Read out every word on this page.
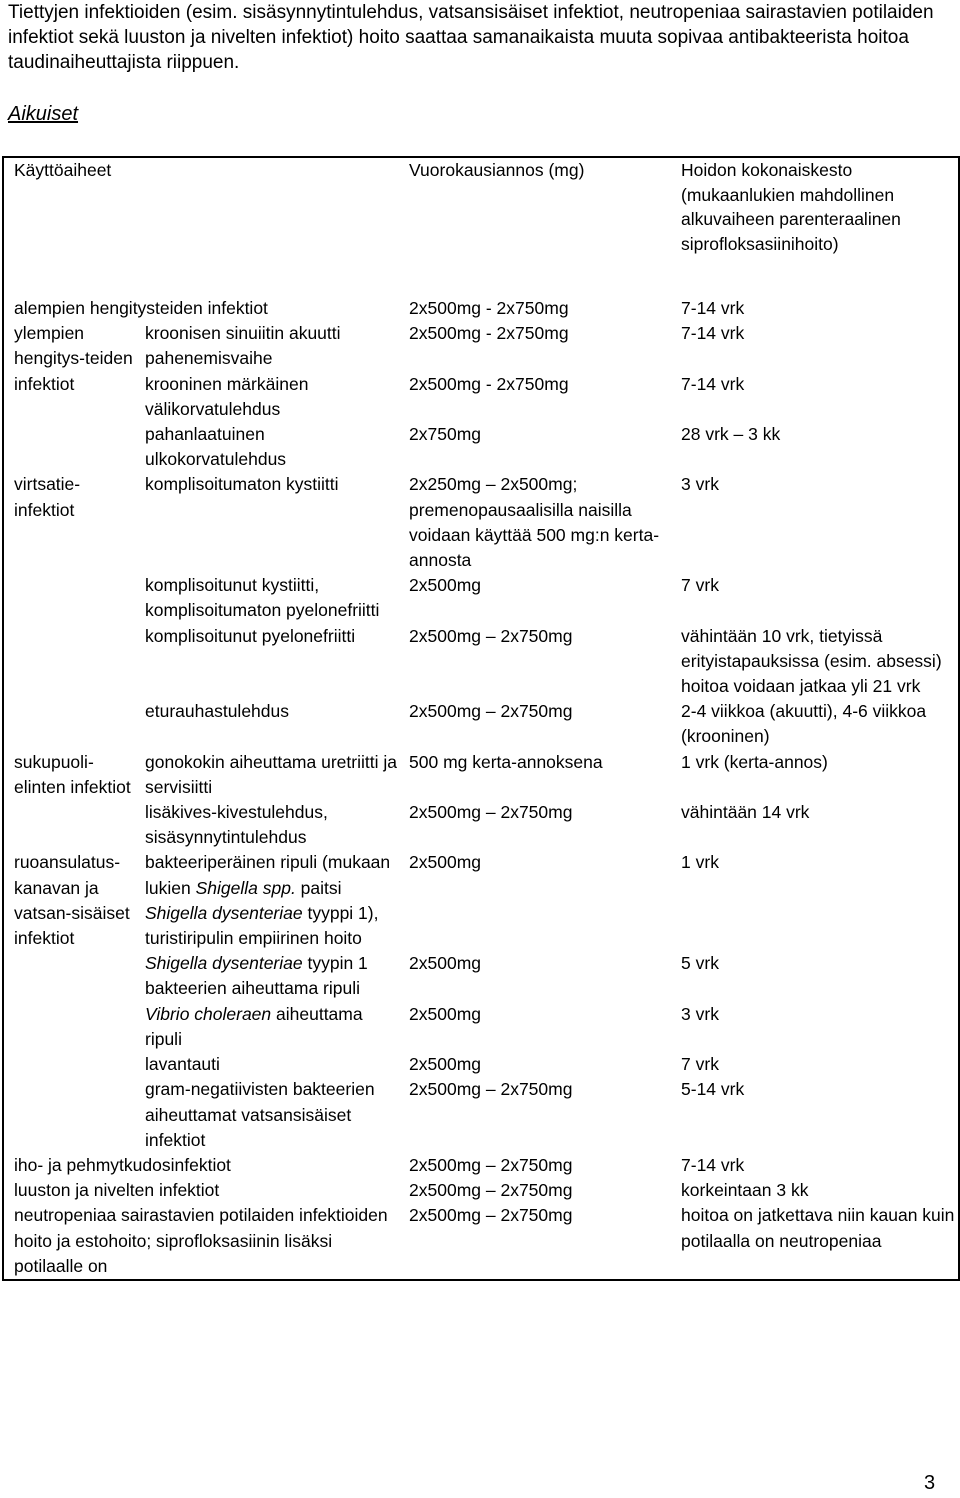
Tiettyjen infektioiden (esim. sisäsynnytintulehdus, vatsansisäiset infektiot, neutropeniaa sairastavien potilaiden infektiot sekä luuston ja nivelten infektiot) hoito saattaa samanaikaista muuta sopivaa antibakteerista hoitoa taudinaiheuttajista riippuen.

Aikuiset

Käyttöaiheet		Vuorokausiannos (mg)	Hoidon kokonaiskesto (mukaanlukien mahdollinen alkuvaiheen parenteraalinen siprofloksasiinihoito)
alempien hengitysteiden infektiot		2x500mg - 2x750mg	7-14 vrk
ylempien hengitys-teiden infektiot	kroonisen sinuiitin akuutti pahenemisvaihe	2x500mg - 2x750mg	7-14 vrk
	krooninen märkäinen välikorvatulehdus	2x500mg - 2x750mg	7-14 vrk
	pahanlaatuinen ulkokorvatulehdus	2x750mg	28 vrk – 3 kk
virtsatie-infektiot	komplisoitumaton kystiitti	2x250mg – 2x500mg; premenopausaalisilla naisilla voidaan käyttää 500 mg:n kerta-annosta	3 vrk
	komplisoitunut kystiitti, komplisoitumaton pyelonefriitti	2x500mg	7 vrk
	komplisoitunut pyelonefriitti	2x500mg – 2x750mg	vähintään 10 vrk, tietyissä erityistapauksissa (esim. absessi) hoitoa voidaan jatkaa yli 21 vrk
	eturauhastulehdus	2x500mg – 2x750mg	2-4 viikkoa (akuutti), 4-6 viikkoa (krooninen)
sukupuoli-elinten infektiot	gonokokin aiheuttama uretriitti ja servisiitti	500 mg kerta-annoksena	1 vrk (kerta-annos)
	lisäkives-kivestulehdus, sisäsynnytintulehdus	2x500mg – 2x750mg	vähintään 14 vrk
ruoansulatus-kanavan ja vatsan-sisäiset infektiot	bakteeriperäinen ripuli (mukaan lukien Shigella spp. paitsi Shigella dysenteriae tyyppi 1), turistiripulin empiirinen hoito	2x500mg	1 vrk
	Shigella dysenteriae tyypin 1 bakteerien aiheuttama ripuli	2x500mg	5 vrk
	Vibrio choleraen aiheuttama ripuli	2x500mg	3 vrk
	lavantauti	2x500mg	7 vrk
	gram-negatiivisten bakteerien aiheuttamat vatsansisäiset infektiot	2x500mg – 2x750mg	5-14 vrk
iho- ja pehmytkudosinfektiot		2x500mg – 2x750mg	7-14 vrk
luuston ja nivelten infektiot		2x500mg – 2x750mg	korkeintaan 3 kk
neutropeniaa sairastavien potilaiden infektioiden hoito ja estohoito; siprofloksasiinin lisäksi potilaalle on		2x500mg – 2x750mg	hoitoa on jatkettava niin kauan kuin potilaalla on neutropeniaa
3
